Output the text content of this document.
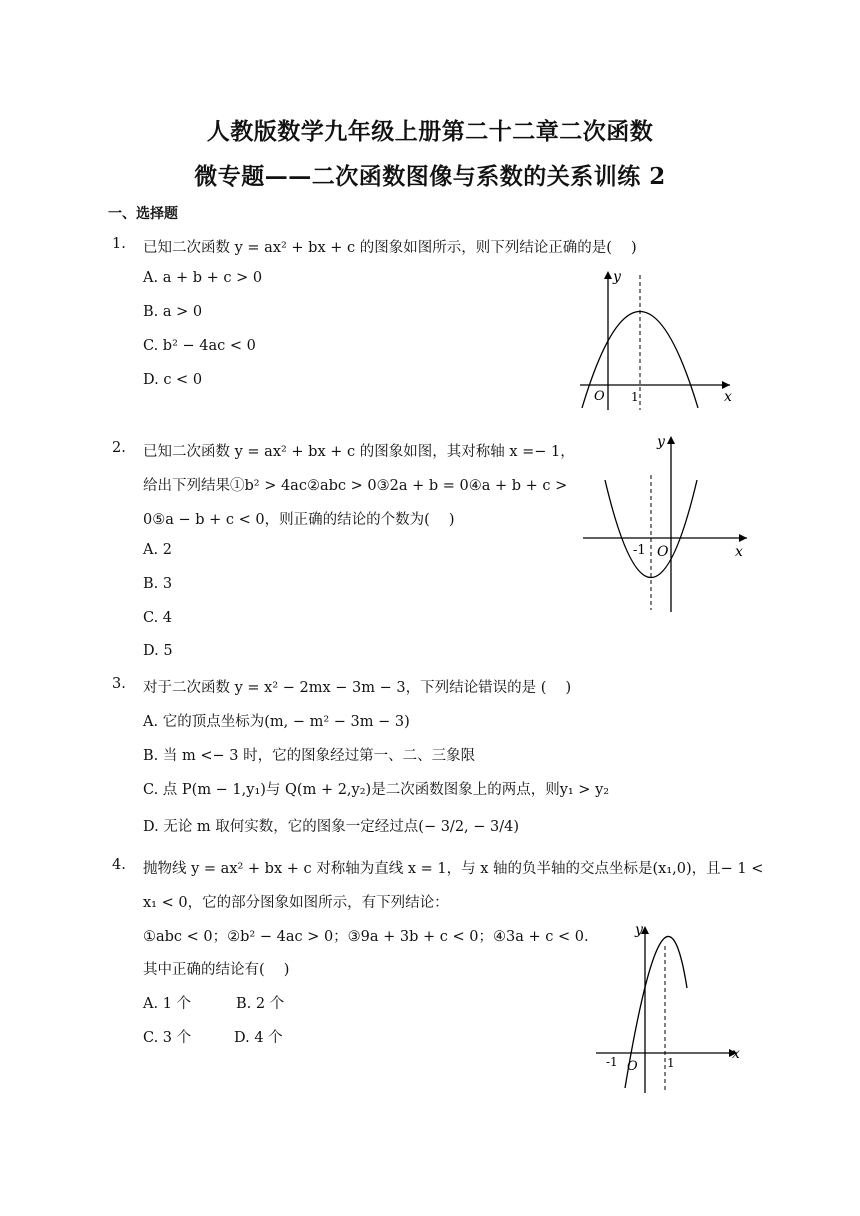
人教版数学九年级上册第二十二章二次函数
微专题——二次函数图像与系数的关系训练 2
一、选择题
1. 已知二次函数 y = ax² + bx + c 的图象如图所示，则下列结论正确的是(　 )
A. a + b + c > 0
B. a > 0
C. b² − 4ac < 0
D. c < 0
y
x
O 1
2. 已知二次函数 y = ax² + bx + c 的图象如图，其对称轴 x =− 1，
给出下列结果①b² > 4ac②abc > 0③2a + b = 0④a + b + c >
0⑤a − b + c < 0，则正确的结论的个数为(　 )
A. 2
B. 3
C. 4
D. 5
y
x
O
-1
3. 对于二次函数 y = x² − 2mx − 3m − 3，下列结论错误的是 (　 )
A. 它的顶点坐标为(m, − m² − 3m − 3)
B. 当 m <− 3 时，它的图象经过第一、二、三象限
C. 点 P(m − 1,y₁)与 Q(m + 2,y₂)是二次函数图象上的两点，则y₁ > y₂
D. 无论 m 取何实数，它的图象一定经过点(− 3/2, − 3/4)
4. 抛物线 y = ax² + bx + c 对称轴为直线 x = 1，与 x 轴的负半轴的交点坐标是(x₁,0)，且− 1 <
x₁ < 0，它的部分图象如图所示，有下列结论：
①abc < 0；②b² − 4ac > 0；③9a + 3b + c < 0；④3a + c < 0.
其中正确的结论有(　 )
A. 1 个	B. 2 个
C. 3 个	D. 4 个
y
x
O
-1	1
